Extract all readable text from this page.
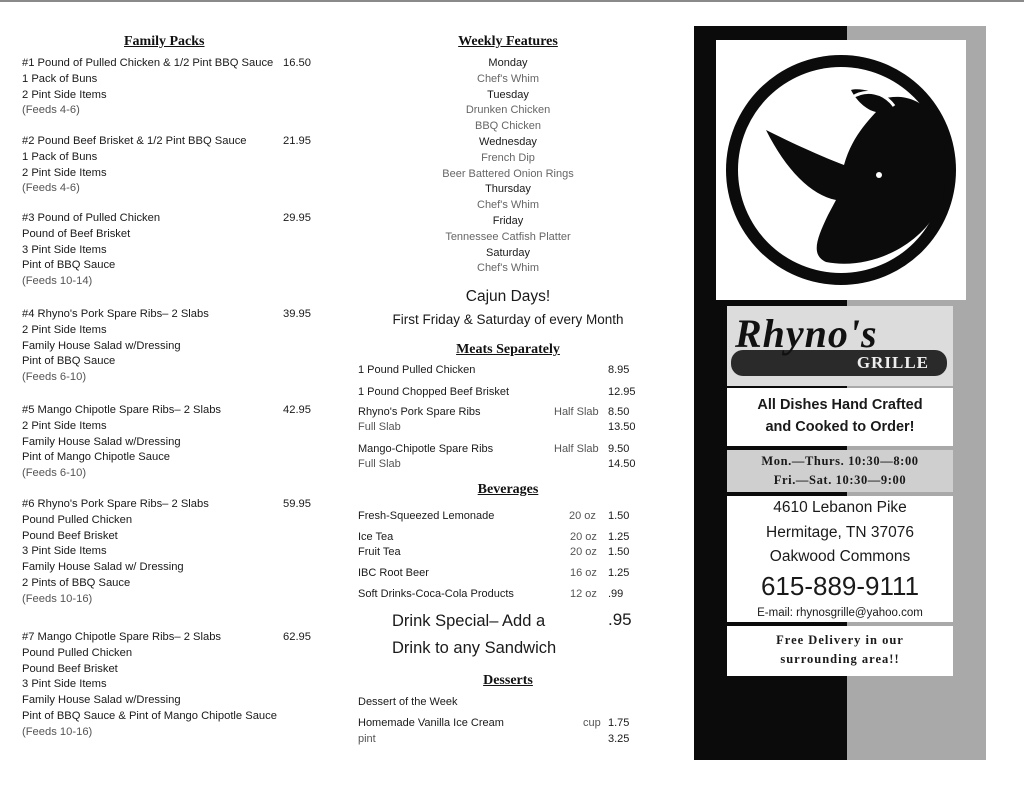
Family Packs
#1 Pound of Pulled Chicken & 1/2 Pint BBQ Sauce
1 Pack of Buns
2 Pint Side Items
(Feeds 4-6)
16.50
#2 Pound Beef Brisket & 1/2 Pint BBQ Sauce
1 Pack of Buns
2 Pint Side Items
(Feeds 4-6)
21.95
#3 Pound of Pulled Chicken
Pound of Beef Brisket
3 Pint Side Items
Pint of BBQ Sauce
(Feeds 10-14)
29.95
#4 Rhyno's Pork Spare Ribs– 2 Slabs
2 Pint Side Items
Family House Salad w/Dressing
Pint of BBQ Sauce
(Feeds 6-10)
39.95
#5 Mango Chipotle Spare Ribs– 2 Slabs
2 Pint Side Items
Family House Salad w/Dressing
Pint of Mango Chipotle Sauce
(Feeds 6-10)
42.95
#6 Rhyno's Pork Spare Ribs– 2 Slabs
Pound Pulled Chicken
Pound Beef Brisket
3 Pint Side Items
Family House Salad w/ Dressing
2 Pints of BBQ Sauce
(Feeds 10-16)
59.95
#7 Mango Chipotle Spare Ribs– 2 Slabs
Pound Pulled Chicken
Pound Beef Brisket
3 Pint Side Items
Family House Salad w/Dressing
Pint of BBQ Sauce & Pint of Mango Chipotle Sauce
(Feeds 10-16)
62.95
Weekly Features
Monday
Chef's Whim
Tuesday
Drunken Chicken
BBQ Chicken
Wednesday
French Dip
Beer Battered Onion Rings
Thursday
Chef's Whim
Friday
Tennessee Catfish Platter
Saturday
Chef's Whim
Cajun Days!
First Friday & Saturday of every Month
Meats Separately
1 Pound Pulled Chicken	8.95
1 Pound Chopped Beef Brisket	12.95
Rhyno's Pork Spare Ribs	Half Slab 8.50
Full Slab	13.50
Mango-Chipotle Spare Ribs	Half Slab 9.50
Full Slab	14.50
Beverages
Fresh-Squeezed Lemonade	20 oz 1.50
Ice Tea	20 oz 1.25
Fruit Tea	20 oz 1.50
IBC Root Beer	16 oz 1.25
Soft Drinks-Coca-Cola Products	12 oz .99
Drink Special– Add a	.95
Drink to any Sandwich
Desserts
Dessert of the Week
Homemade Vanilla Ice Cream	cup 1.75
pint	3.25
GRILLE
Rhyno's
All Dishes Hand Crafted
and Cooked to Order!
Mon.—Thurs. 10:30—8:00
Fri.—Sat. 10:30—9:00
4610 Lebanon Pike
Hermitage, TN 37076
Oakwood Commons
615-889-9111
E-mail: rhynosgrille@yahoo.com
Free Delivery in our
surrounding area!!
